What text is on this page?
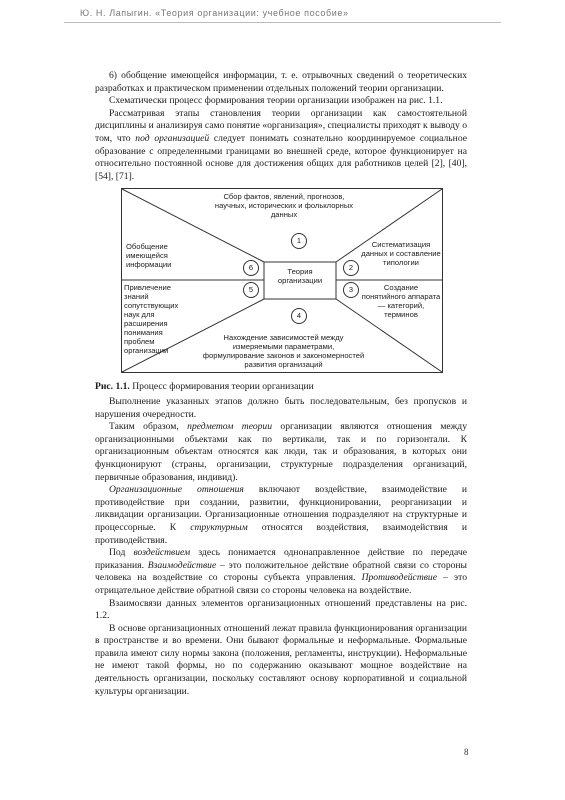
Ю. Н. Лапыгин. «Теория организации: учебное пособие»

6) обобщение имеющейся информации, т. е. отрывочных сведений о теоретических разработках и практическом применении отдельных положений теории организации.

Схематически процесс формирования теории организации изображен на рис. 1.1.

Рассматривая этапы становления теории организации как самостоятельной дисциплины и анализируя само понятие «организация», специалисты приходят к выводу о том, что под организацией следует понимать сознательно координируемое социальное образование с определенными границами во внешней среде, которое функционирует на относительно постоянной основе для достижения общих для работников целей [2], [40], [54], [71].

Сбор фактов, явлений, прогнозов, научных, исторических и фольклорных данных
Систематизация данных и составление типологии
Создание понятийного аппарата — категорий, терминов
Нахождение зависимостей между измеряемыми параметрами, формулирование законов и закономерностей развития организаций
Привлечение знаний сопутствующих наук для расширения понимания проблем организации
Обобщение имеющейся информации
Теория организации
1
2
3
4
5
6
Рис. 1.1. Процесс формирования теории организации

Выполнение указанных этапов должно быть последовательным, без пропусков и нарушения очередности.

Таким образом, предметом теории организации являются отношения между организационными объектами как по вертикали, так и по горизонтали. К организационным объектам относятся как люди, так и образования, в которых они функционируют (страны, организации, структурные подразделения организаций, первичные образования, индивид).

Организационные отношения включают воздействие, взаимодействие и противодействие при создании, развитии, функционировании, реорганизации и ликвидации организации. Организационные отношения подразделяют на структурные и процессорные. К структурным относятся воздействия, взаимодействия и противодействия.

Под воздействием здесь понимается однонаправленное действие по передаче приказания. Взаимодействие – это положительное действие обратной связи со стороны человека на воздействие со стороны субъекта управления. Противодействие – это отрицательное действие обратной связи со стороны человека на воздействие.

Взаимосвязи данных элементов организационных отношений представлены на рис. 1.2.

В основе организационных отношений лежат правила функционирования организации в пространстве и во времени. Они бывают формальные и неформальные. Формальные правила имеют силу нормы закона (положения, регламенты, инструкции). Неформальные не имеют такой формы, но по содержанию оказывают мощное воздействие на деятельность организации, поскольку составляют основу корпоративной и социальной культуры организации.

8
